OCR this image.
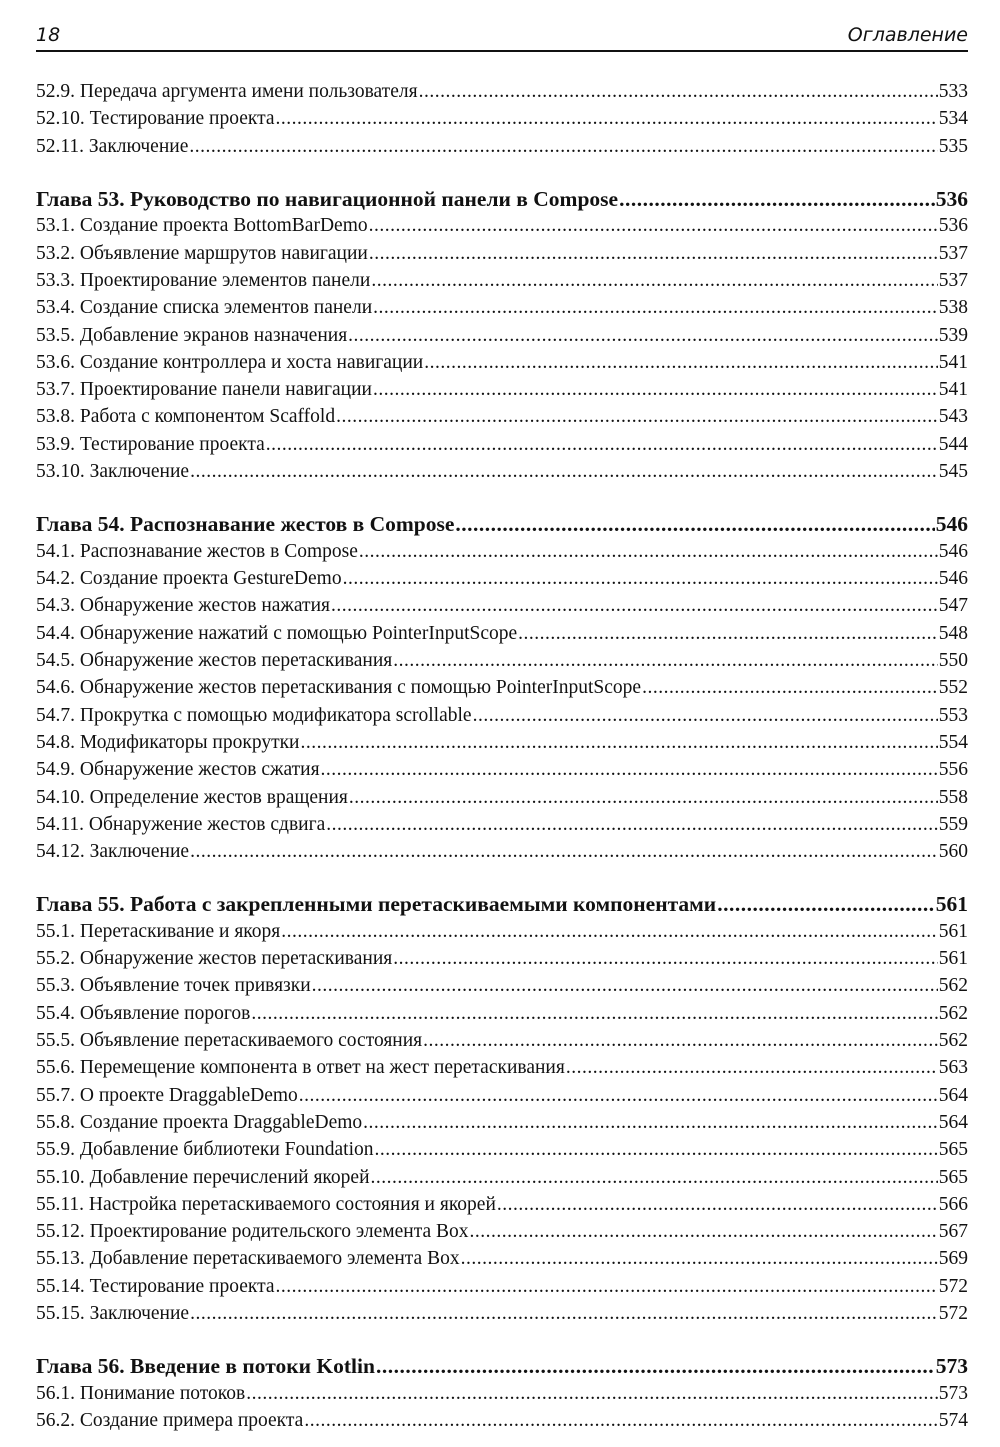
18	Оглавление
52.9. Передача аргумента имени пользователя .....	533
52.10. Тестирование проекта .....	534
52.11. Заключение .....	535
Глава 53. Руководство по навигационной панели в Compose .....	536
53.1. Создание проекта BottomBarDemo .....	536
53.2. Объявление маршрутов навигации .....	537
53.3. Проектирование элементов панели .....	537
53.4. Создание списка элементов панели .....	538
53.5. Добавление экранов назначения .....	539
53.6. Создание контроллера и хоста навигации .....	541
53.7. Проектирование панели навигации .....	541
53.8. Работа с компонентом Scaffold .....	543
53.9. Тестирование проекта .....	544
53.10. Заключение .....	545
Глава 54. Распознавание жестов в Compose .....	546
54.1. Распознавание жестов в Compose .....	546
54.2. Создание проекта GestureDemo .....	546
54.3. Обнаружение жестов нажатия .....	547
54.4. Обнаружение нажатий с помощью PointerInputScope .....	548
54.5. Обнаружение жестов перетаскивания .....	550
54.6. Обнаружение жестов перетаскивания с помощью PointerInputScope .....	552
54.7. Прокрутка с помощью модификатора scrollable .....	553
54.8. Модификаторы прокрутки .....	554
54.9. Обнаружение жестов сжатия .....	556
54.10. Определение жестов вращения .....	558
54.11. Обнаружение жестов сдвига .....	559
54.12. Заключение .....	560
Глава 55. Работа с закрепленными перетаскиваемыми компонентами .....	561
55.1. Перетаскивание и якоря .....	561
55.2. Обнаружение жестов перетаскивания .....	561
55.3. Объявление точек привязки .....	562
55.4. Объявление порогов .....	562
55.5. Объявление перетаскиваемого состояния .....	562
55.6. Перемещение компонента в ответ на жест перетаскивания .....	563
55.7. О проекте DraggableDemo .....	564
55.8. Создание проекта DraggableDemo .....	564
55.9. Добавление библиотеки Foundation .....	565
55.10. Добавление перечислений якорей .....	565
55.11. Настройка перетаскиваемого состояния и якорей .....	566
55.12. Проектирование родительского элемента Box .....	567
55.13. Добавление перетаскиваемого элемента Box .....	569
55.14. Тестирование проекта .....	572
55.15. Заключение .....	572
Глава 56. Введение в потоки Kotlin .....	573
56.1. Понимание потоков .....	573
56.2. Создание примера проекта .....	574
